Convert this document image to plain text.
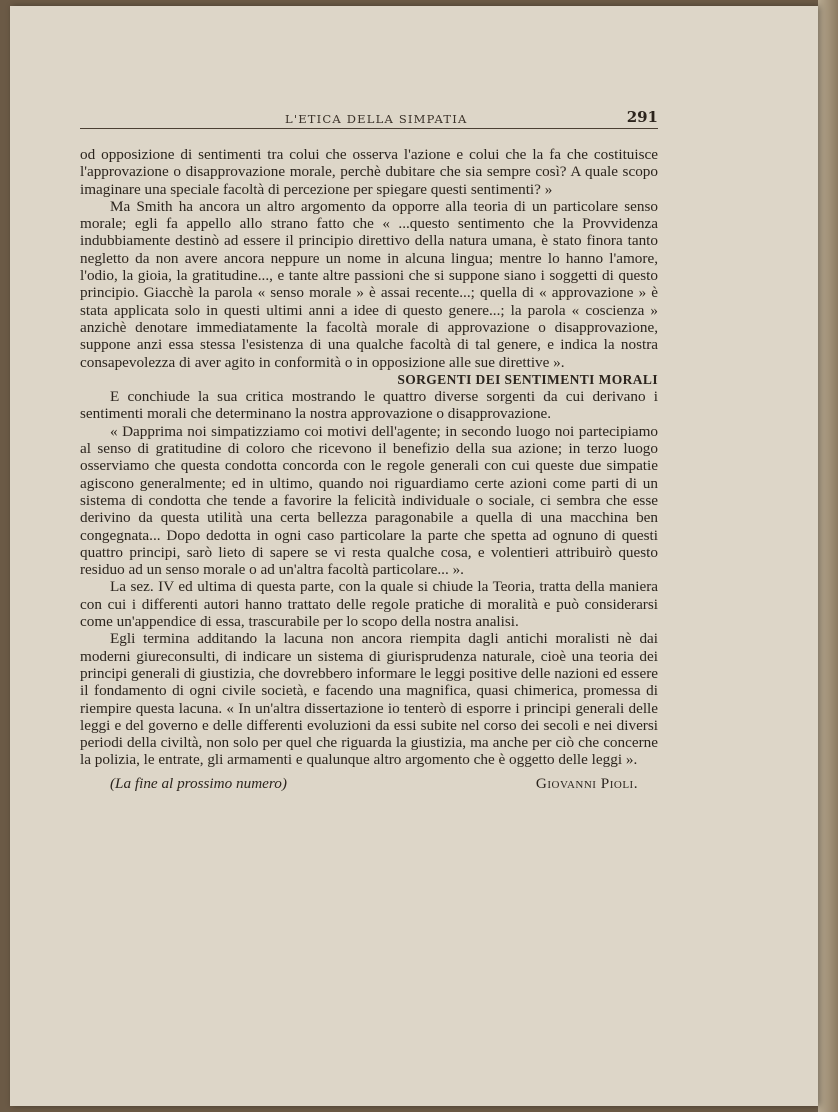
L'ETICA DELLA SIMPATIA	291

od opposizione di sentimenti tra colui che osserva l'azione e colui che la fa che costituisce l'approvazione o disapprovazione morale, perchè dubitare che sia sempre così? A quale scopo imaginare una speciale facoltà di percezione per spiegare questi sentimenti? »

Ma Smith ha ancora un altro argomento da opporre alla teoria di un particolare senso morale; egli fa appello allo strano fatto che « ...questo sentimento che la Provvidenza indubbiamente destinò ad essere il principio direttivo della natura umana, è stato finora tanto negletto da non avere ancora neppure un nome in alcuna lingua; mentre lo hanno l'amore, l'odio, la gioia, la gratitudine..., e tante altre passioni che si suppone siano i soggetti di questo principio. Giacchè la parola « senso morale » è assai recente...; quella di « approvazione » è stata applicata solo in questi ultimi anni a idee di questo genere...; la parola « coscienza » anzichè denotare immediatamente la facoltà morale di approvazione o disapprovazione, suppone anzi essa stessa l'esistenza di una qualche facoltà di tal genere, e indica la nostra consapevolezza di aver agito in conformità o in opposizione alle sue direttive ».

SORGENTI DEI SENTIMENTI MORALI

E conchiude la sua critica mostrando le quattro diverse sorgenti da cui derivano i sentimenti morali che determinano la nostra approvazione o disapprovazione.

« Dapprima noi simpatizziamo coi motivi dell'agente; in secondo luogo noi partecipiamo al senso di gratitudine di coloro che ricevono il benefizio della sua azione; in terzo luogo osserviamo che questa condotta concorda con le regole generali con cui queste due simpatie agiscono generalmente; ed in ultimo, quando noi riguardiamo certe azioni come parti di un sistema di condotta che tende a favorire la felicità individuale o sociale, ci sembra che esse derivino da questa utilità una certa bellezza paragonabile a quella di una macchina ben congegnata... Dopo dedotta in ogni caso particolare la parte che spetta ad ognuno di questi quattro principi, sarò lieto di sapere se vi resta qualche cosa, e volentieri attribuirò questo residuo ad un senso morale o ad un'altra facoltà particolare... ».

La sez. IV ed ultima di questa parte, con la quale si chiude la Teoria, tratta della maniera con cui i differenti autori hanno trattato delle regole pratiche di moralità e può considerarsi come un'appendice di essa, trascurabile per lo scopo della nostra analisi.

Egli termina additando la lacuna non ancora riempita dagli antichi moralisti nè dai moderni giureconsulti, di indicare un sistema di giurisprudenza naturale, cioè una teoria dei principi generali di giustizia, che dovrebbero informare le leggi positive delle nazioni ed essere il fondamento di ogni civile società, e facendo una magnifica, quasi chimerica, promessa di riempire questa lacuna. « In un'altra dissertazione io tenterò di esporre i principi generali delle leggi e del governo e delle differenti evoluzioni da essi subite nel corso dei secoli e nei diversi periodi della civiltà, non solo per quel che riguarda la giustizia, ma anche per ciò che concerne la polizia, le entrate, gli armamenti e qualunque altro argomento che è oggetto delle leggi ».

(La fine al prossimo numero)	Giovanni Pioli.
